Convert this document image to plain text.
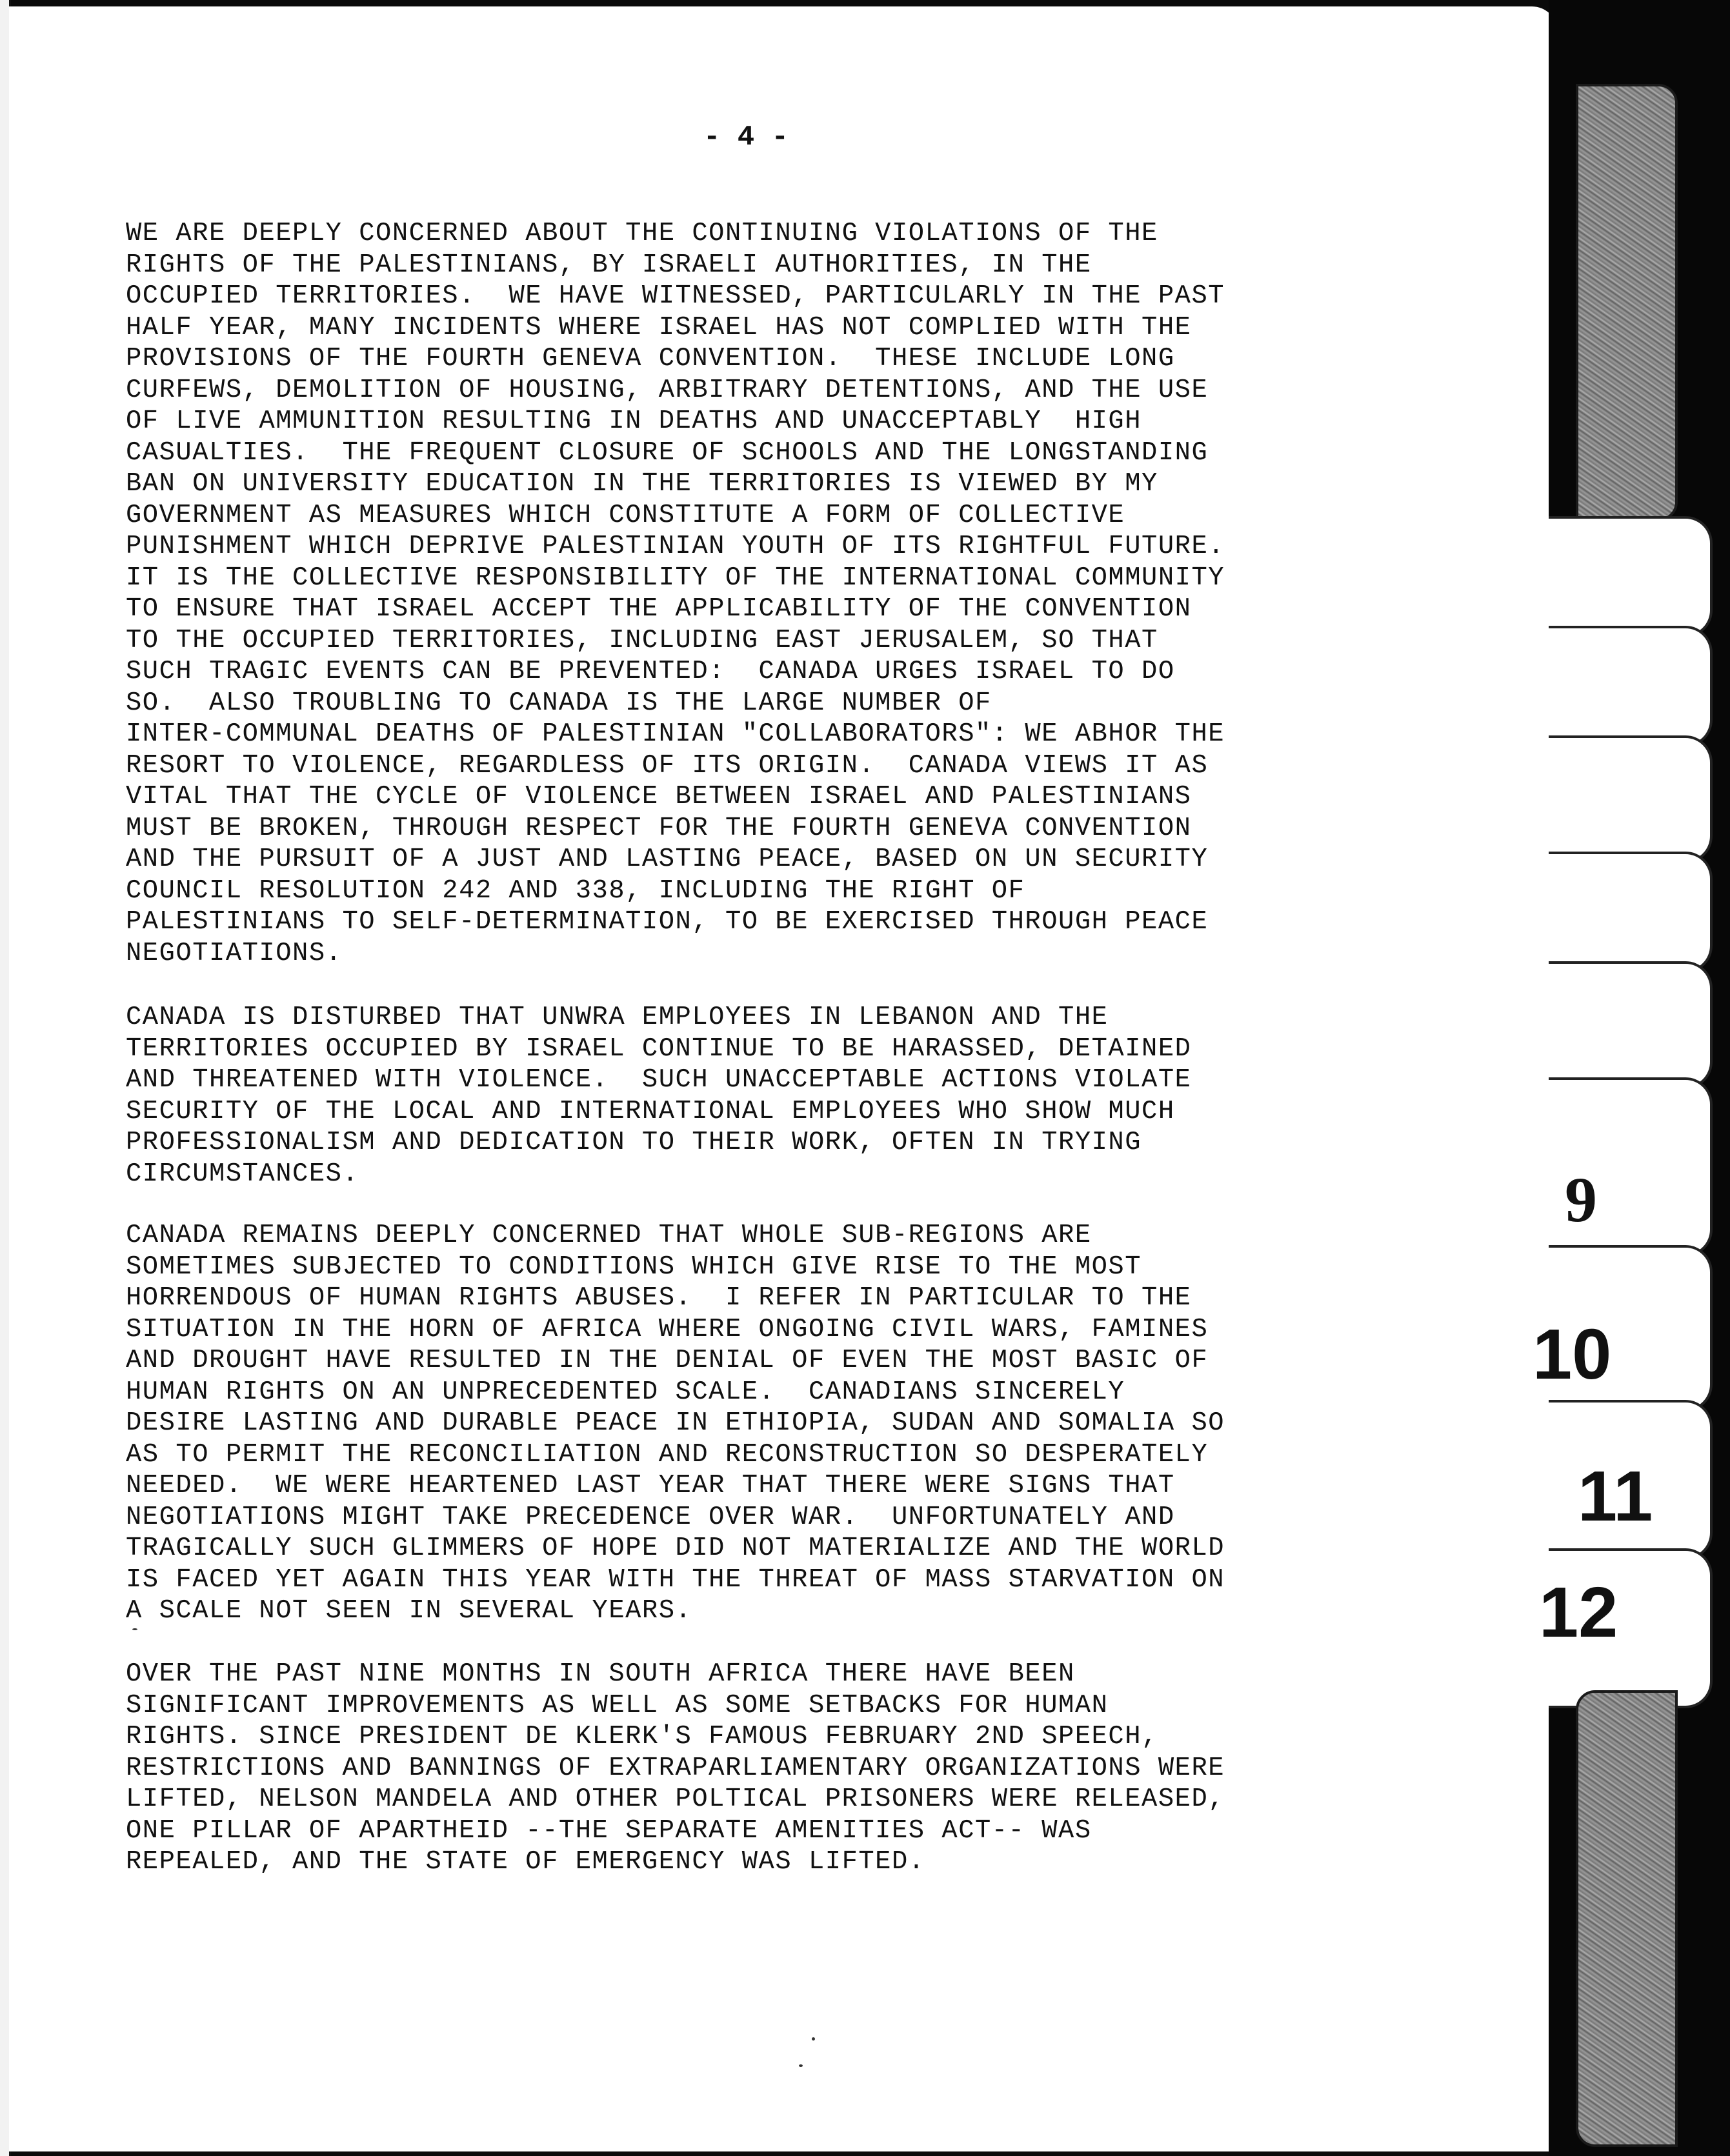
- 4 -
WE ARE DEEPLY CONCERNED ABOUT THE CONTINUING VIOLATIONS OF THE
RIGHTS OF THE PALESTINIANS, BY ISRAELI AUTHORITIES, IN THE
OCCUPIED TERRITORIES.  WE HAVE WITNESSED, PARTICULARLY IN THE PAST
HALF YEAR, MANY INCIDENTS WHERE ISRAEL HAS NOT COMPLIED WITH THE
PROVISIONS OF THE FOURTH GENEVA CONVENTION.  THESE INCLUDE LONG
CURFEWS, DEMOLITION OF HOUSING, ARBITRARY DETENTIONS, AND THE USE
OF LIVE AMMUNITION RESULTING IN DEATHS AND UNACCEPTABLY  HIGH
CASUALTIES.  THE FREQUENT CLOSURE OF SCHOOLS AND THE LONGSTANDING
BAN ON UNIVERSITY EDUCATION IN THE TERRITORIES IS VIEWED BY MY
GOVERNMENT AS MEASURES WHICH CONSTITUTE A FORM OF COLLECTIVE
PUNISHMENT WHICH DEPRIVE PALESTINIAN YOUTH OF ITS RIGHTFUL FUTURE.
IT IS THE COLLECTIVE RESPONSIBILITY OF THE INTERNATIONAL COMMUNITY
TO ENSURE THAT ISRAEL ACCEPT THE APPLICABILITY OF THE CONVENTION
TO THE OCCUPIED TERRITORIES, INCLUDING EAST JERUSALEM, SO THAT
SUCH TRAGIC EVENTS CAN BE PREVENTED:  CANADA URGES ISRAEL TO DO
SO.  ALSO TROUBLING TO CANADA IS THE LARGE NUMBER OF
INTER-COMMUNAL DEATHS OF PALESTINIAN "COLLABORATORS": WE ABHOR THE
RESORT TO VIOLENCE, REGARDLESS OF ITS ORIGIN.  CANADA VIEWS IT AS
VITAL THAT THE CYCLE OF VIOLENCE BETWEEN ISRAEL AND PALESTINIANS
MUST BE BROKEN, THROUGH RESPECT FOR THE FOURTH GENEVA CONVENTION
AND THE PURSUIT OF A JUST AND LASTING PEACE, BASED ON UN SECURITY
COUNCIL RESOLUTION 242 AND 338, INCLUDING THE RIGHT OF
PALESTINIANS TO SELF-DETERMINATION, TO BE EXERCISED THROUGH PEACE
NEGOTIATIONS.
CANADA IS DISTURBED THAT UNWRA EMPLOYEES IN LEBANON AND THE
TERRITORIES OCCUPIED BY ISRAEL CONTINUE TO BE HARASSED, DETAINED
AND THREATENED WITH VIOLENCE.  SUCH UNACCEPTABLE ACTIONS VIOLATE
SECURITY OF THE LOCAL AND INTERNATIONAL EMPLOYEES WHO SHOW MUCH
PROFESSIONALISM AND DEDICATION TO THEIR WORK, OFTEN IN TRYING
CIRCUMSTANCES.
CANADA REMAINS DEEPLY CONCERNED THAT WHOLE SUB-REGIONS ARE
SOMETIMES SUBJECTED TO CONDITIONS WHICH GIVE RISE TO THE MOST
HORRENDOUS OF HUMAN RIGHTS ABUSES.  I REFER IN PARTICULAR TO THE
SITUATION IN THE HORN OF AFRICA WHERE ONGOING CIVIL WARS, FAMINES
AND DROUGHT HAVE RESULTED IN THE DENIAL OF EVEN THE MOST BASIC OF
HUMAN RIGHTS ON AN UNPRECEDENTED SCALE.  CANADIANS SINCERELY
DESIRE LASTING AND DURABLE PEACE IN ETHIOPIA, SUDAN AND SOMALIA SO
AS TO PERMIT THE RECONCILIATION AND RECONSTRUCTION SO DESPERATELY
NEEDED.  WE WERE HEARTENED LAST YEAR THAT THERE WERE SIGNS THAT
NEGOTIATIONS MIGHT TAKE PRECEDENCE OVER WAR.  UNFORTUNATELY AND
TRAGICALLY SUCH GLIMMERS OF HOPE DID NOT MATERIALIZE AND THE WORLD
IS FACED YET AGAIN THIS YEAR WITH THE THREAT OF MASS STARVATION ON
A SCALE NOT SEEN IN SEVERAL YEARS.
OVER THE PAST NINE MONTHS IN SOUTH AFRICA THERE HAVE BEEN
SIGNIFICANT IMPROVEMENTS AS WELL AS SOME SETBACKS FOR HUMAN
RIGHTS. SINCE PRESIDENT DE KLERK'S FAMOUS FEBRUARY 2ND SPEECH,
RESTRICTIONS AND BANNINGS OF EXTRAPARLIAMENTARY ORGANIZATIONS WERE
LIFTED, NELSON MANDELA AND OTHER POLTICAL PRISONERS WERE RELEASED,
ONE PILLAR OF APARTHEID --THE SEPARATE AMENITIES ACT-- WAS
REPEALED, AND THE STATE OF EMERGENCY WAS LIFTED.
9
10
11
12
